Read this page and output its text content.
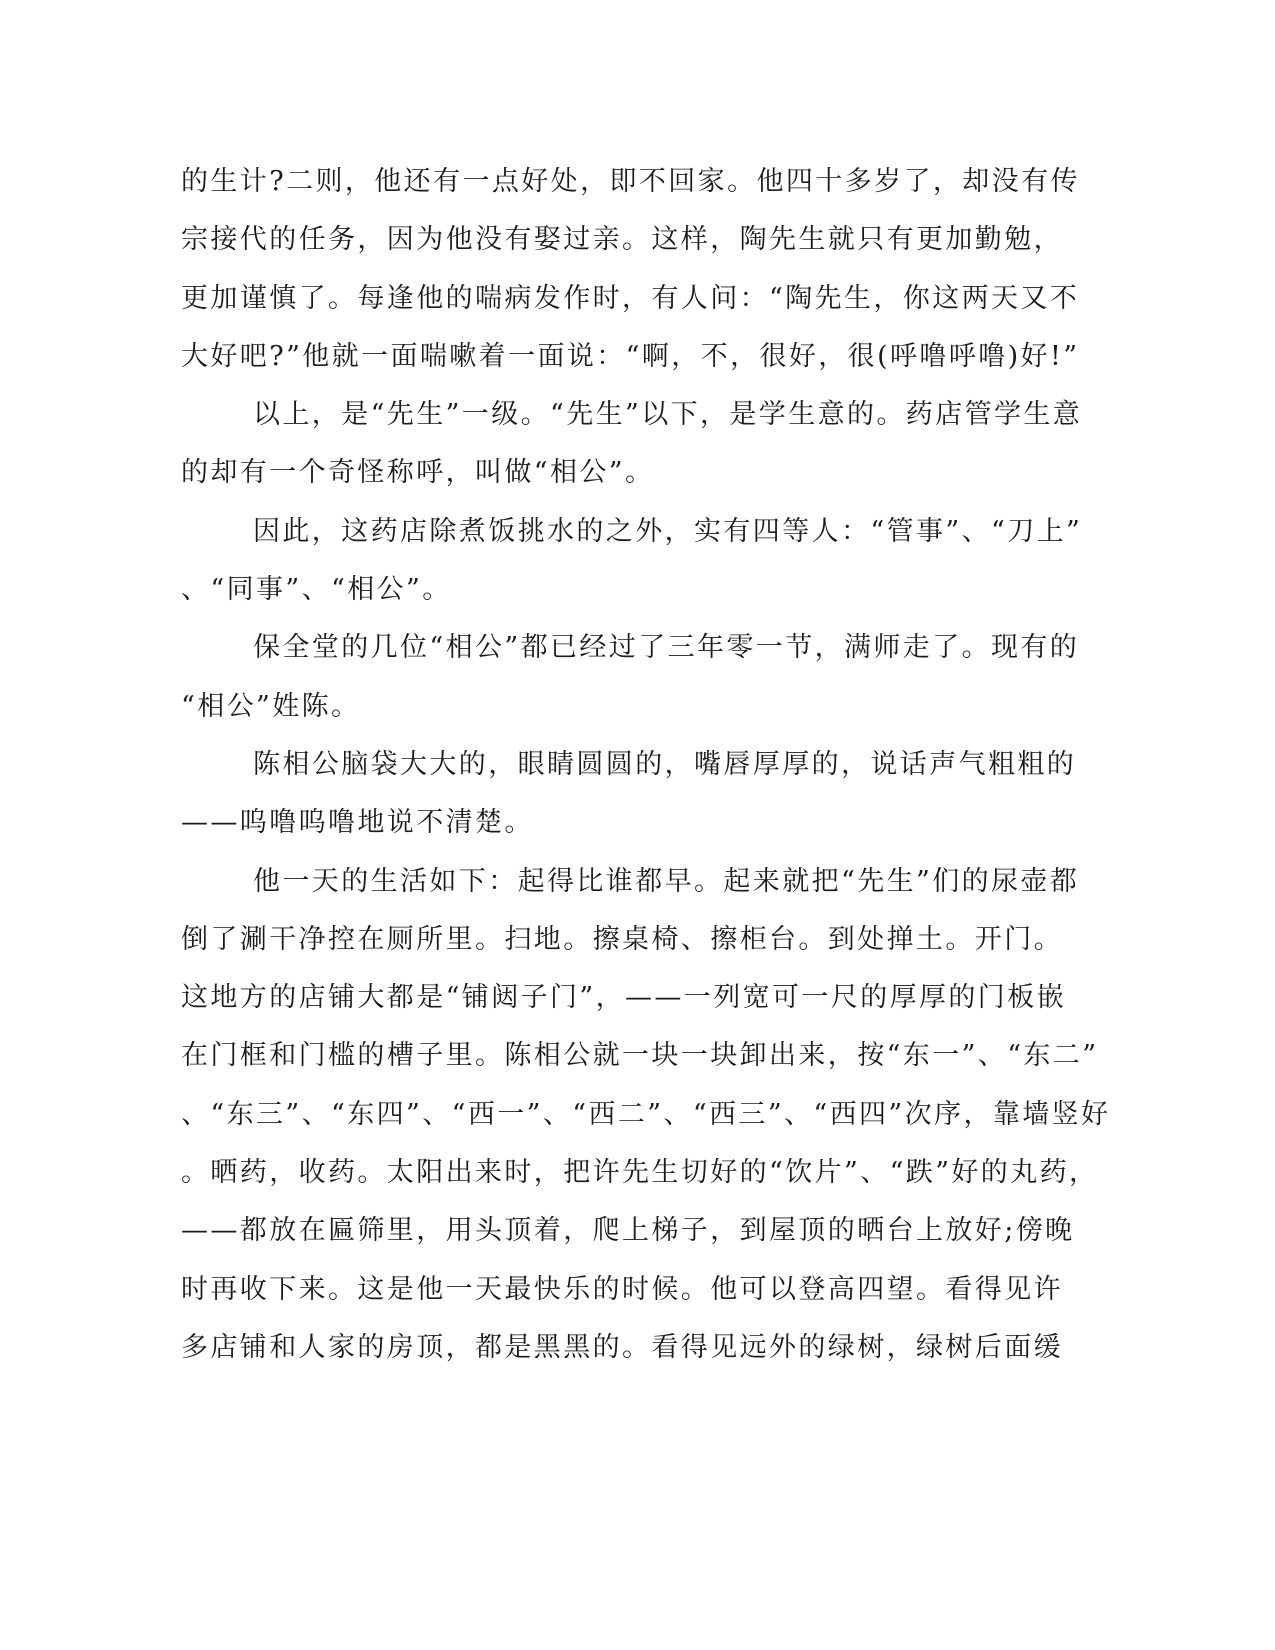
的生计?二则，他还有一点好处，即不回家。他四十多岁了，却没有传
宗接代的任务，因为他没有娶过亲。这样，陶先生就只有更加勤勉，
更加谨慎了。每逢他的喘病发作时，有人问：“陶先生，你这两天又不
大好吧?”他就一面喘嗽着一面说：“啊，不，很好，很(呼噜呼噜)好!”
以上，是“先生”一级。“先生”以下，是学生意的。药店管学生意
的却有一个奇怪称呼，叫做“相公”。
因此，这药店除煮饭挑水的之外，实有四等人：“管事”、“刀上”
、“同事”、“相公”。
保全堂的几位“相公”都已经过了三年零一节，满师走了。现有的
“相公”姓陈。
陈相公脑袋大大的，眼睛圆圆的，嘴唇厚厚的，说话声气粗粗的
——呜噜呜噜地说不清楚。
他一天的生活如下：起得比谁都早。起来就把“先生”们的尿壶都
倒了涮干净控在厕所里。扫地。擦桌椅、擦柜台。到处掸土。开门。
这地方的店铺大都是“铺闼子门”，——一列宽可一尺的厚厚的门板嵌
在门框和门槛的槽子里。陈相公就一块一块卸出来，按“东一”、“东二”
、“东三”、“东四”、“西一”、“西二”、“西三”、“西四”次序，靠墙竖好
。晒药，收药。太阳出来时，把许先生切好的“饮片”、“跌”好的丸药，
——都放在匾筛里，用头顶着，爬上梯子，到屋顶的晒台上放好;傍晚
时再收下来。这是他一天最快乐的时候。他可以登高四望。看得见许
多店铺和人家的房顶，都是黑黑的。看得见远外的绿树，绿树后面缓
